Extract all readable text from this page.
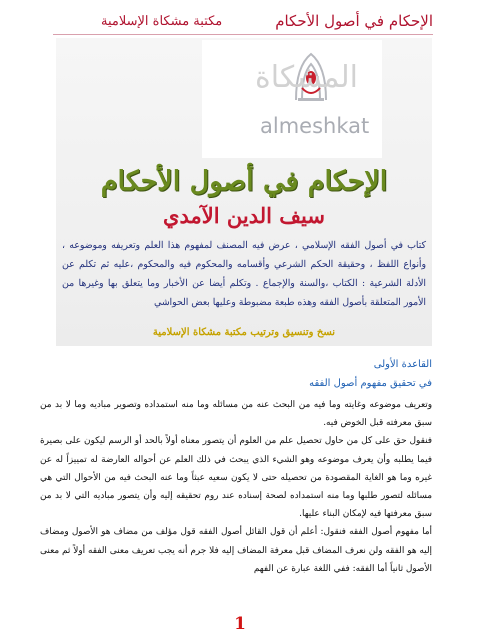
الإحكام في أصول الأحكام
مكتبة مشكاة الإسلامية
المشكاة
almeshkat
الإحكام في أصول الأحكام
سيف الدين الآمدي
كتاب في أصول الفقه الإسلامي ، عرض فيه المصنف لمفهوم هذا العلم وتعريفه وموضوعه ، وأنواع اللفظ ، وحقيقة الحكم الشرعي وأقسامه والمحكوم فيه والمحكوم ،عليه ثم تكلم عن الأدلة الشرعية : الكتاب ،والسنة والإجماع . وتكلم أيضا عن الأخبار وما يتعلق بها وغيرها من الأمور المتعلقة بأصول الفقه وهذه طبعة مضبوطة وعليها بعض الحواشي
نسخ وتنسيق وترتيب مكتبة مشكاة الإسلامية
القاعدة الأولى
في تحقيق مفهوم أصول الفقه

وتعريف موضوعه وغايته وما فيه من البحث عنه من مسائله وما منه استمداده وتصوير مباديه وما لا بد من سبق معرفته قبل الخوض فيه.

فنقول حق على كل من حاول تحصيل علم من العلوم أن يتصور معناه أولاً بالحد أو الرسم ليكون على بصيرة فيما يطلبه وأن يعرف موضوعه وهو الشيء الذي يبحث في ذلك العلم عن أحواله العارضة له تمييزاً له عن غيره وما هو الغاية المقصودة من تحصيله حتى لا يكون سعيه عبثاً وما عنه البحث فيه من الأحوال التي هي مسائله لتصور طلبها وما منه استمداده لصحة إسناده عند روم تحقيقه إليه وأن يتصور مباديه التي لا بد من سبق معرفتها فيه لإمكان البناء عليها.

أما مفهوم أصول الفقه فنقول: أعلم أن قول القائل أصول الفقه قول مؤلف من مضاف هو الأصول ومضاف إليه هو الفقه ولن نعرف المضاف قبل معرفة المضاف إليه فلا جرم أنه يجب تعريف معنى الفقه أولاً ثم معنى الأصول ثانياً أما الفقه: ففي اللغة عبارة عن الفهم

1
